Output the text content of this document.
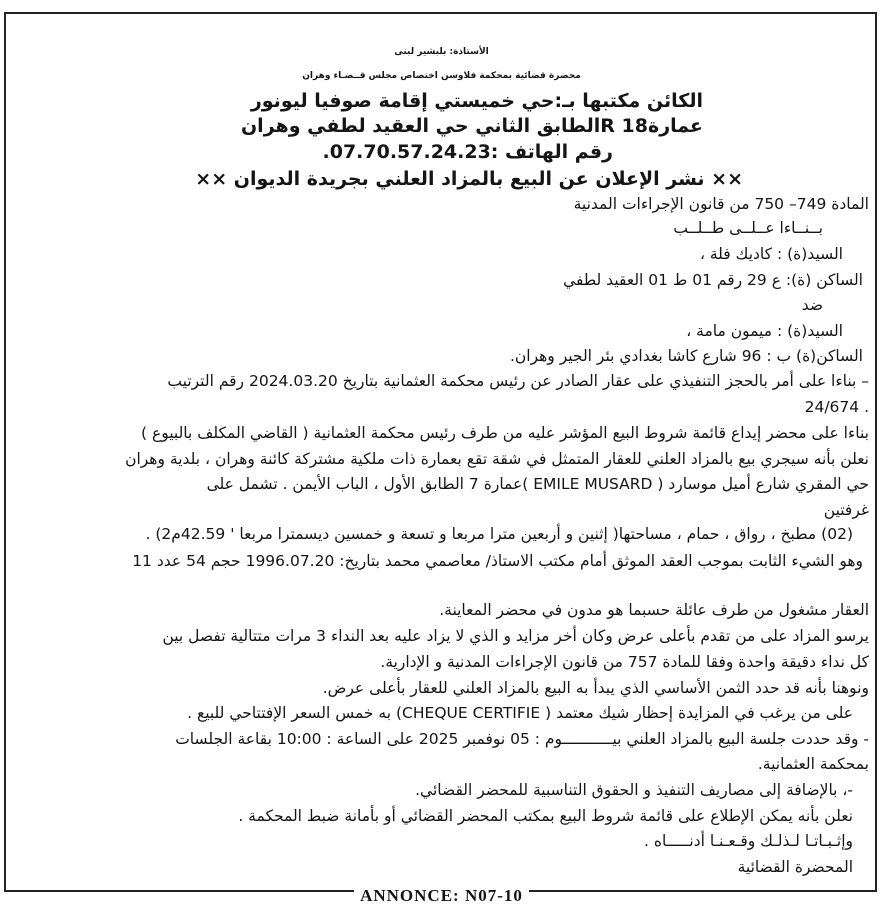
الأستاذة: بلبشير لبنى
محضرة قضائية بمحكمة فلاوسن اختصاص مجلس قــضـاء وهران
الكائن مكتبها بـ:حي خميستي إقامة صوفيا ليونور
عمارة18 Rالطابق الثاني حي العقيد لطفي وهران
رقم الهاتف :07.70.57.24.23.
×× نشر الإعلان عن البيع بالمزاد العلني بجريدة الديوان ××
المادة 749– 750 من قانون الإجراءات المدنية
بــنــاءا عــلــى طــلــب
السيد(ة) : كاديك فلة ،
الساكن (ة): ع 29 رقم 01 ط 01 العقيد لطفي
ضد
السيد(ة) : ميمون مامة ،
الساكن(ة) ب : 96 شارع كاشا بغدادي بئر الجير وهران.
– بناءا على أمر بالحجز التنفيذي على عقار الصادر عن رئيس محكمة العثمانية بتاريخ 2024.03.20 رقم الترتيب
24/674 .
بناءا على محضر إيداع قائمة شروط البيع المؤشر عليه من طرف رئيس محكمة العثمانية ( القاضي المكلف بالبيوع )
نعلن بأنه سيجري بيع بالمزاد العلني للعقار المتمثل في شقة تقع بعمارة ذات ملكية مشتركة كائنة وهران ، بلدية وهران
حي المقري شارع أميل موسارد ( EMILE MUSARD )عمارة 7 الطابق الأول ، الباب الأيمن . تشمل على
غرفتين
(02) مطبخ ، رواق ، حمام ، مساحتها( إثنين و أربعين مترا مربعا و تسعة و خمسين ديسمترا مربعا ' 42.59م2) .
وهو الشيء الثابت بموجب العقد الموثق أمام مكتب الاستاذ/ معاصمي محمد بتاريخ: 1996.07.20 حجم 54 عدد 11
العقار مشغول من طرف عائلة حسبما هو مدون في محضر المعاينة.
يرسو المزاد على من تقدم بأعلى عرض وكان أخر مزايد و الذي لا يزاد عليه بعد النداء 3 مرات متتالية تفصل بين
كل نداء دقيقة واحدة وفقا للمادة 757 من قانون الإجراءات المدنية و الإدارية.
ونوهنا بأنه قد حدد الثمن الأساسي الذي يبدأ به البيع بالمزاد العلني للعقار بأعلى عرض.
على من يرغب في المزايدة إحظار شيك معتمد ( CHEQUE CERTIFIE) به خمس السعر الإفتتاحي للبيع .
- وقد حددت جلسة البيع بالمزاد العلني بيـــــــــــوم : 05 نوفمبر 2025 على الساعة : 10:00 بقاعة الجلسات
بمحكمة العثمانية.
-، بالإضافة إلى مصاريف التنفيذ و الحقوق التناسبية للمحضر القضائي.
نعلن بأنه يمكن الإطلاع على قائمة شروط البيع بمكتب المحضر القضائي أو بأمانة ضبط المحكمة .
وإثـبـاتـا لـذلـك وقـعـنـا أدنـــــاه .
المحضرة القضائية
ANNONCE: N07-10
